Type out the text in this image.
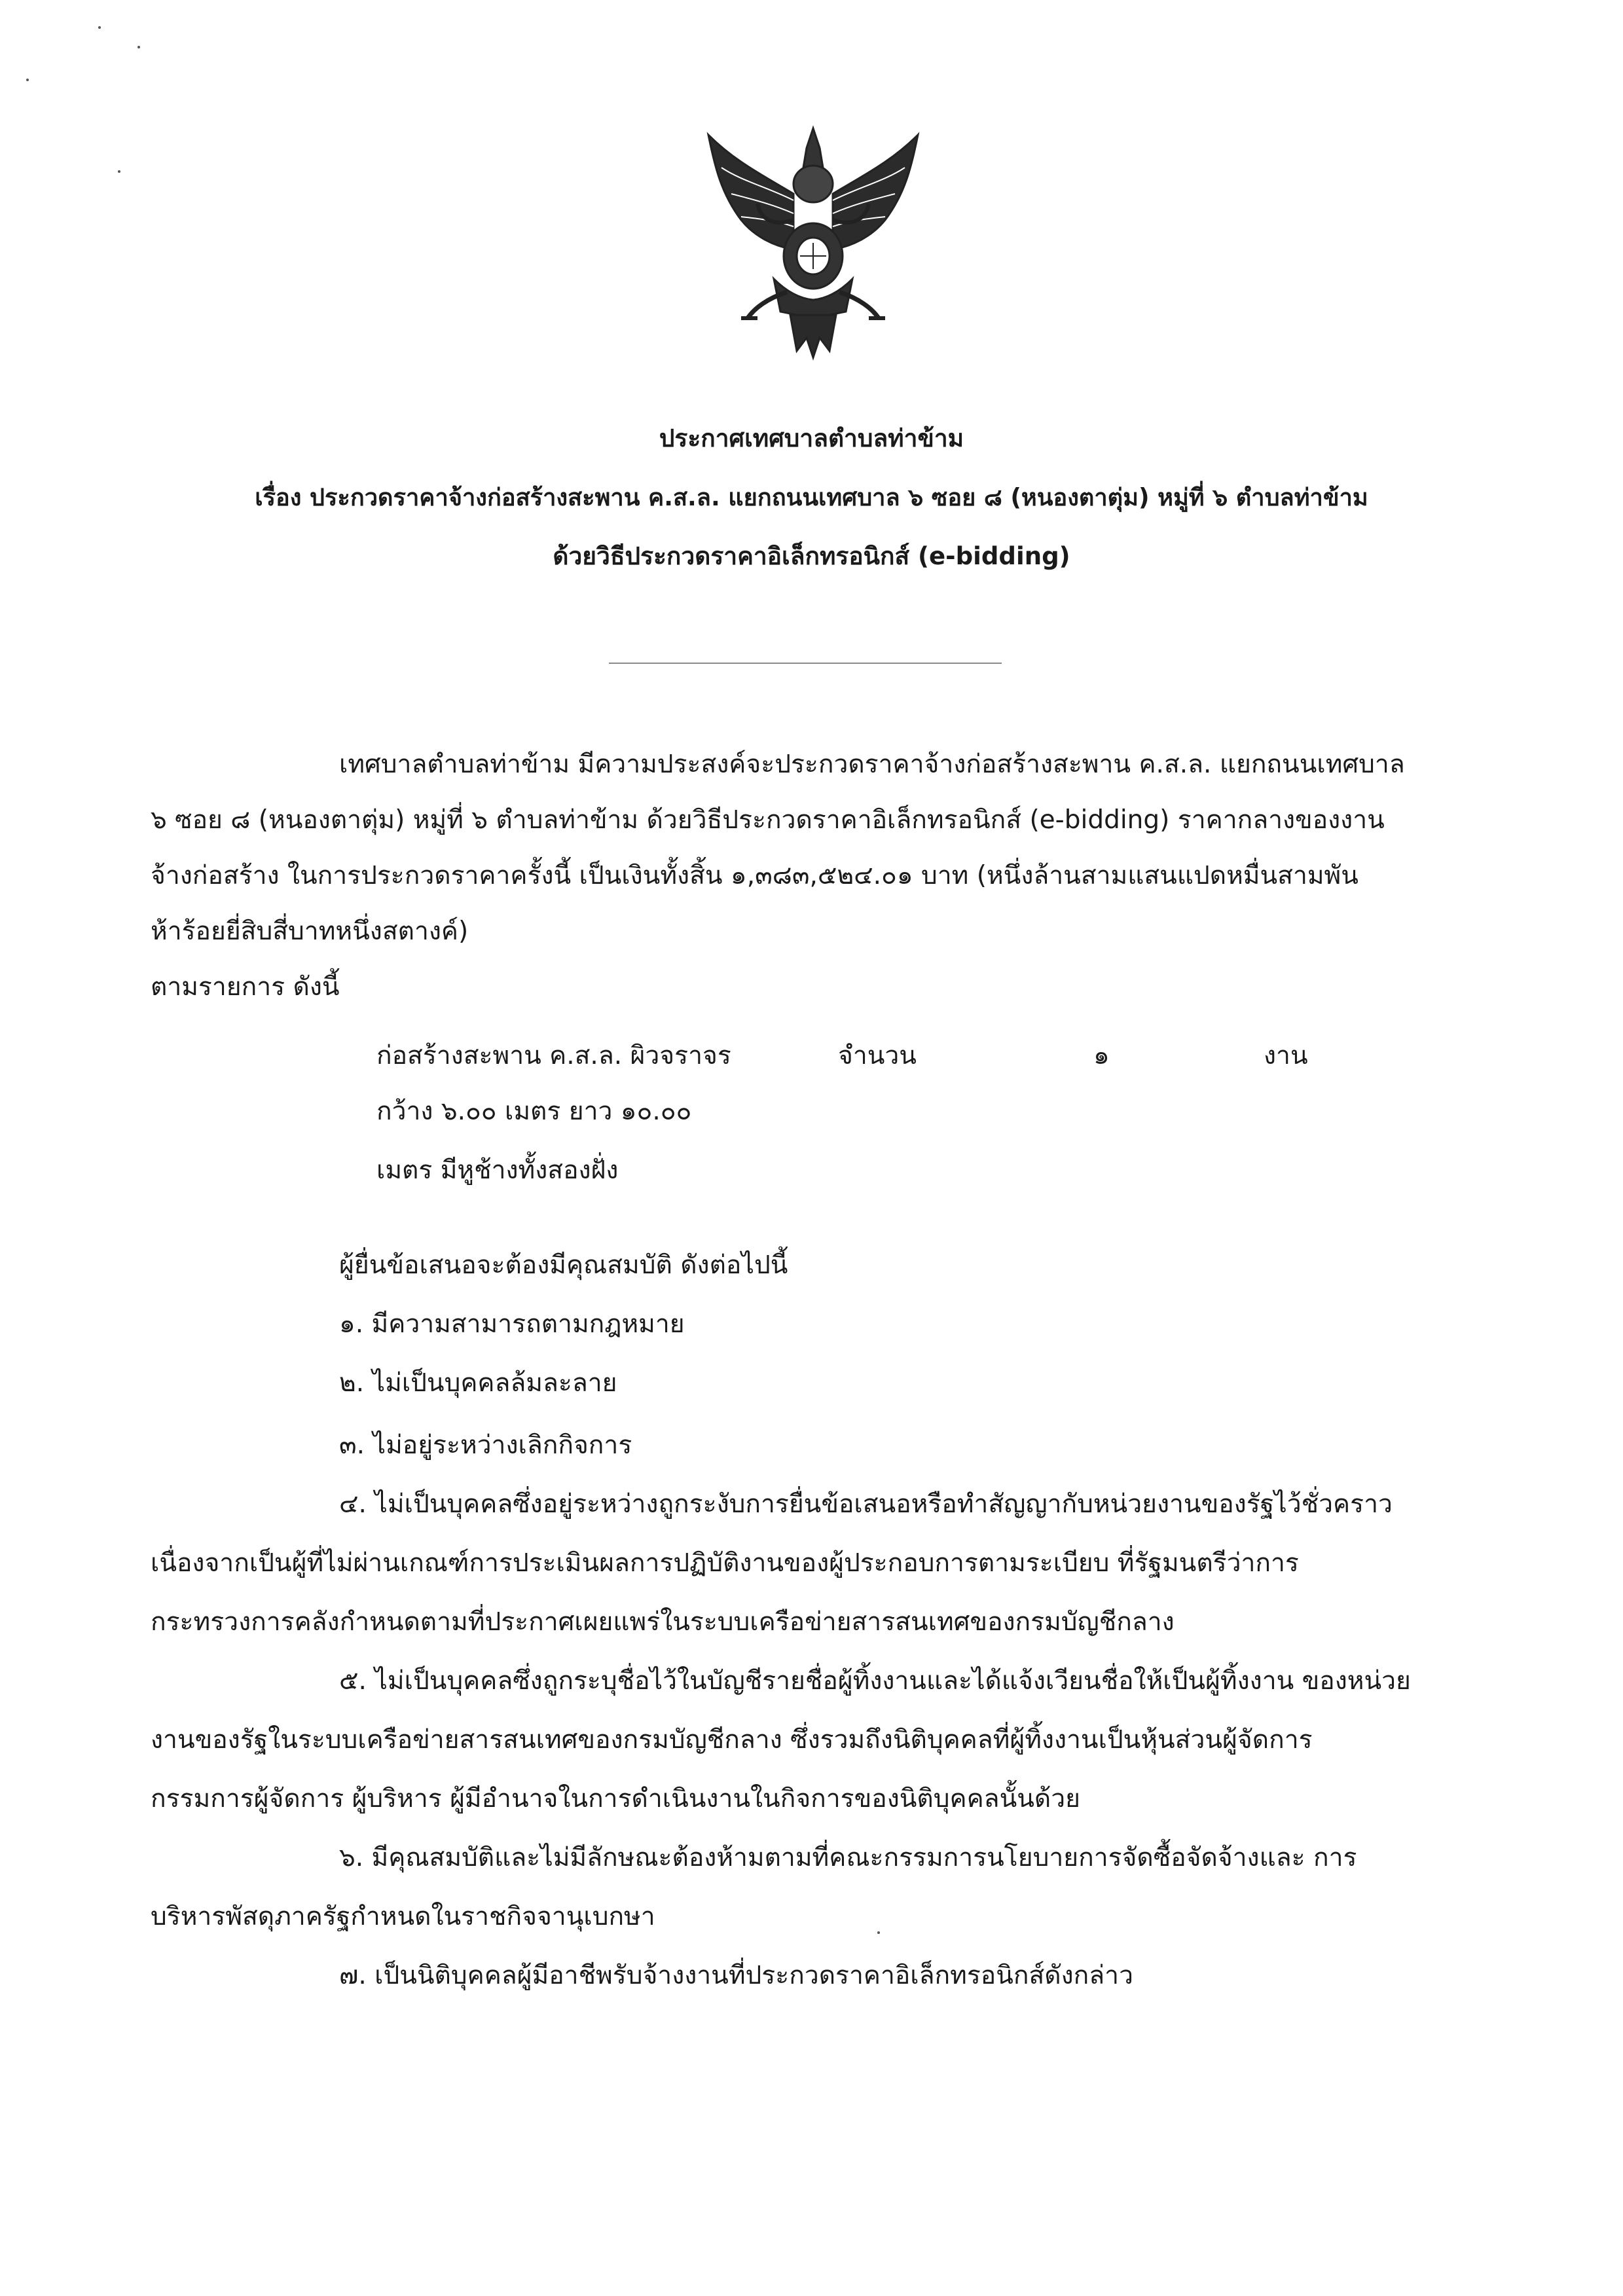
ประกาศเทศบาลตำบลท่าข้าม
เรื่อง ประกวดราคาจ้างก่อสร้างสะพาน ค.ส.ล. แยกถนนเทศบาล ๖ ซอย ๘ (หนองตาตุ่ม) หมู่ที่ ๖ ตำบลท่าข้าม
ด้วยวิธีประกวดราคาอิเล็กทรอนิกส์ (e-bidding)
เทศบาลตำบลท่าข้าม มีความประสงค์จะประกวดราคาจ้างก่อสร้างสะพาน ค.ส.ล. แยกถนนเทศบาล
๖ ซอย ๘ (หนองตาตุ่ม) หมู่ที่ ๖ ตำบลท่าข้าม ด้วยวิธีประกวดราคาอิเล็กทรอนิกส์ (e-bidding) ราคากลางของงาน
จ้างก่อสร้าง ในการประกวดราคาครั้งนี้ เป็นเงินทั้งสิ้น ๑,๓๘๓,๕๒๔.๐๑ บาท (หนึ่งล้านสามแสนแปดหมื่นสามพัน
ห้าร้อยยี่สิบสี่บาทหนึ่งสตางค์)
ตามรายการ ดังนี้
ก่อสร้างสะพาน ค.ส.ล. ผิวจราจร	จำนวน	๑	งาน
กว้าง ๖.๐๐ เมตร ยาว ๑๐.๐๐
เมตร มีหูช้างทั้งสองฝั่ง
ผู้ยื่นข้อเสนอจะต้องมีคุณสมบัติ ดังต่อไปนี้
๑. มีความสามารถตามกฎหมาย
๒. ไม่เป็นบุคคลล้มละลาย
๓. ไม่อยู่ระหว่างเลิกกิจการ
๔. ไม่เป็นบุคคลซึ่งอยู่ระหว่างถูกระงับการยื่นข้อเสนอหรือทำสัญญากับหน่วยงานของรัฐไว้ชั่วคราว
เนื่องจากเป็นผู้ที่ไม่ผ่านเกณฑ์การประเมินผลการปฏิบัติงานของผู้ประกอบการตามระเบียบ ที่รัฐมนตรีว่าการ
กระทรวงการคลังกำหนดตามที่ประกาศเผยแพร่ในระบบเครือข่ายสารสนเทศของกรมบัญชีกลาง
๕. ไม่เป็นบุคคลซึ่งถูกระบุชื่อไว้ในบัญชีรายชื่อผู้ทิ้งงานและได้แจ้งเวียนชื่อให้เป็นผู้ทิ้งงาน ของหน่วย
งานของรัฐในระบบเครือข่ายสารสนเทศของกรมบัญชีกลาง ซึ่งรวมถึงนิติบุคคลที่ผู้ทิ้งงานเป็นหุ้นส่วนผู้จัดการ
กรรมการผู้จัดการ ผู้บริหาร ผู้มีอำนาจในการดำเนินงานในกิจการของนิติบุคคลนั้นด้วย
๖. มีคุณสมบัติและไม่มีลักษณะต้องห้ามตามที่คณะกรรมการนโยบายการจัดซื้อจัดจ้างและ การ
บริหารพัสดุภาครัฐกำหนดในราชกิจจานุเบกษา
๗. เป็นนิติบุคคลผู้มีอาชีพรับจ้างงานที่ประกวดราคาอิเล็กทรอนิกส์ดังกล่าว
